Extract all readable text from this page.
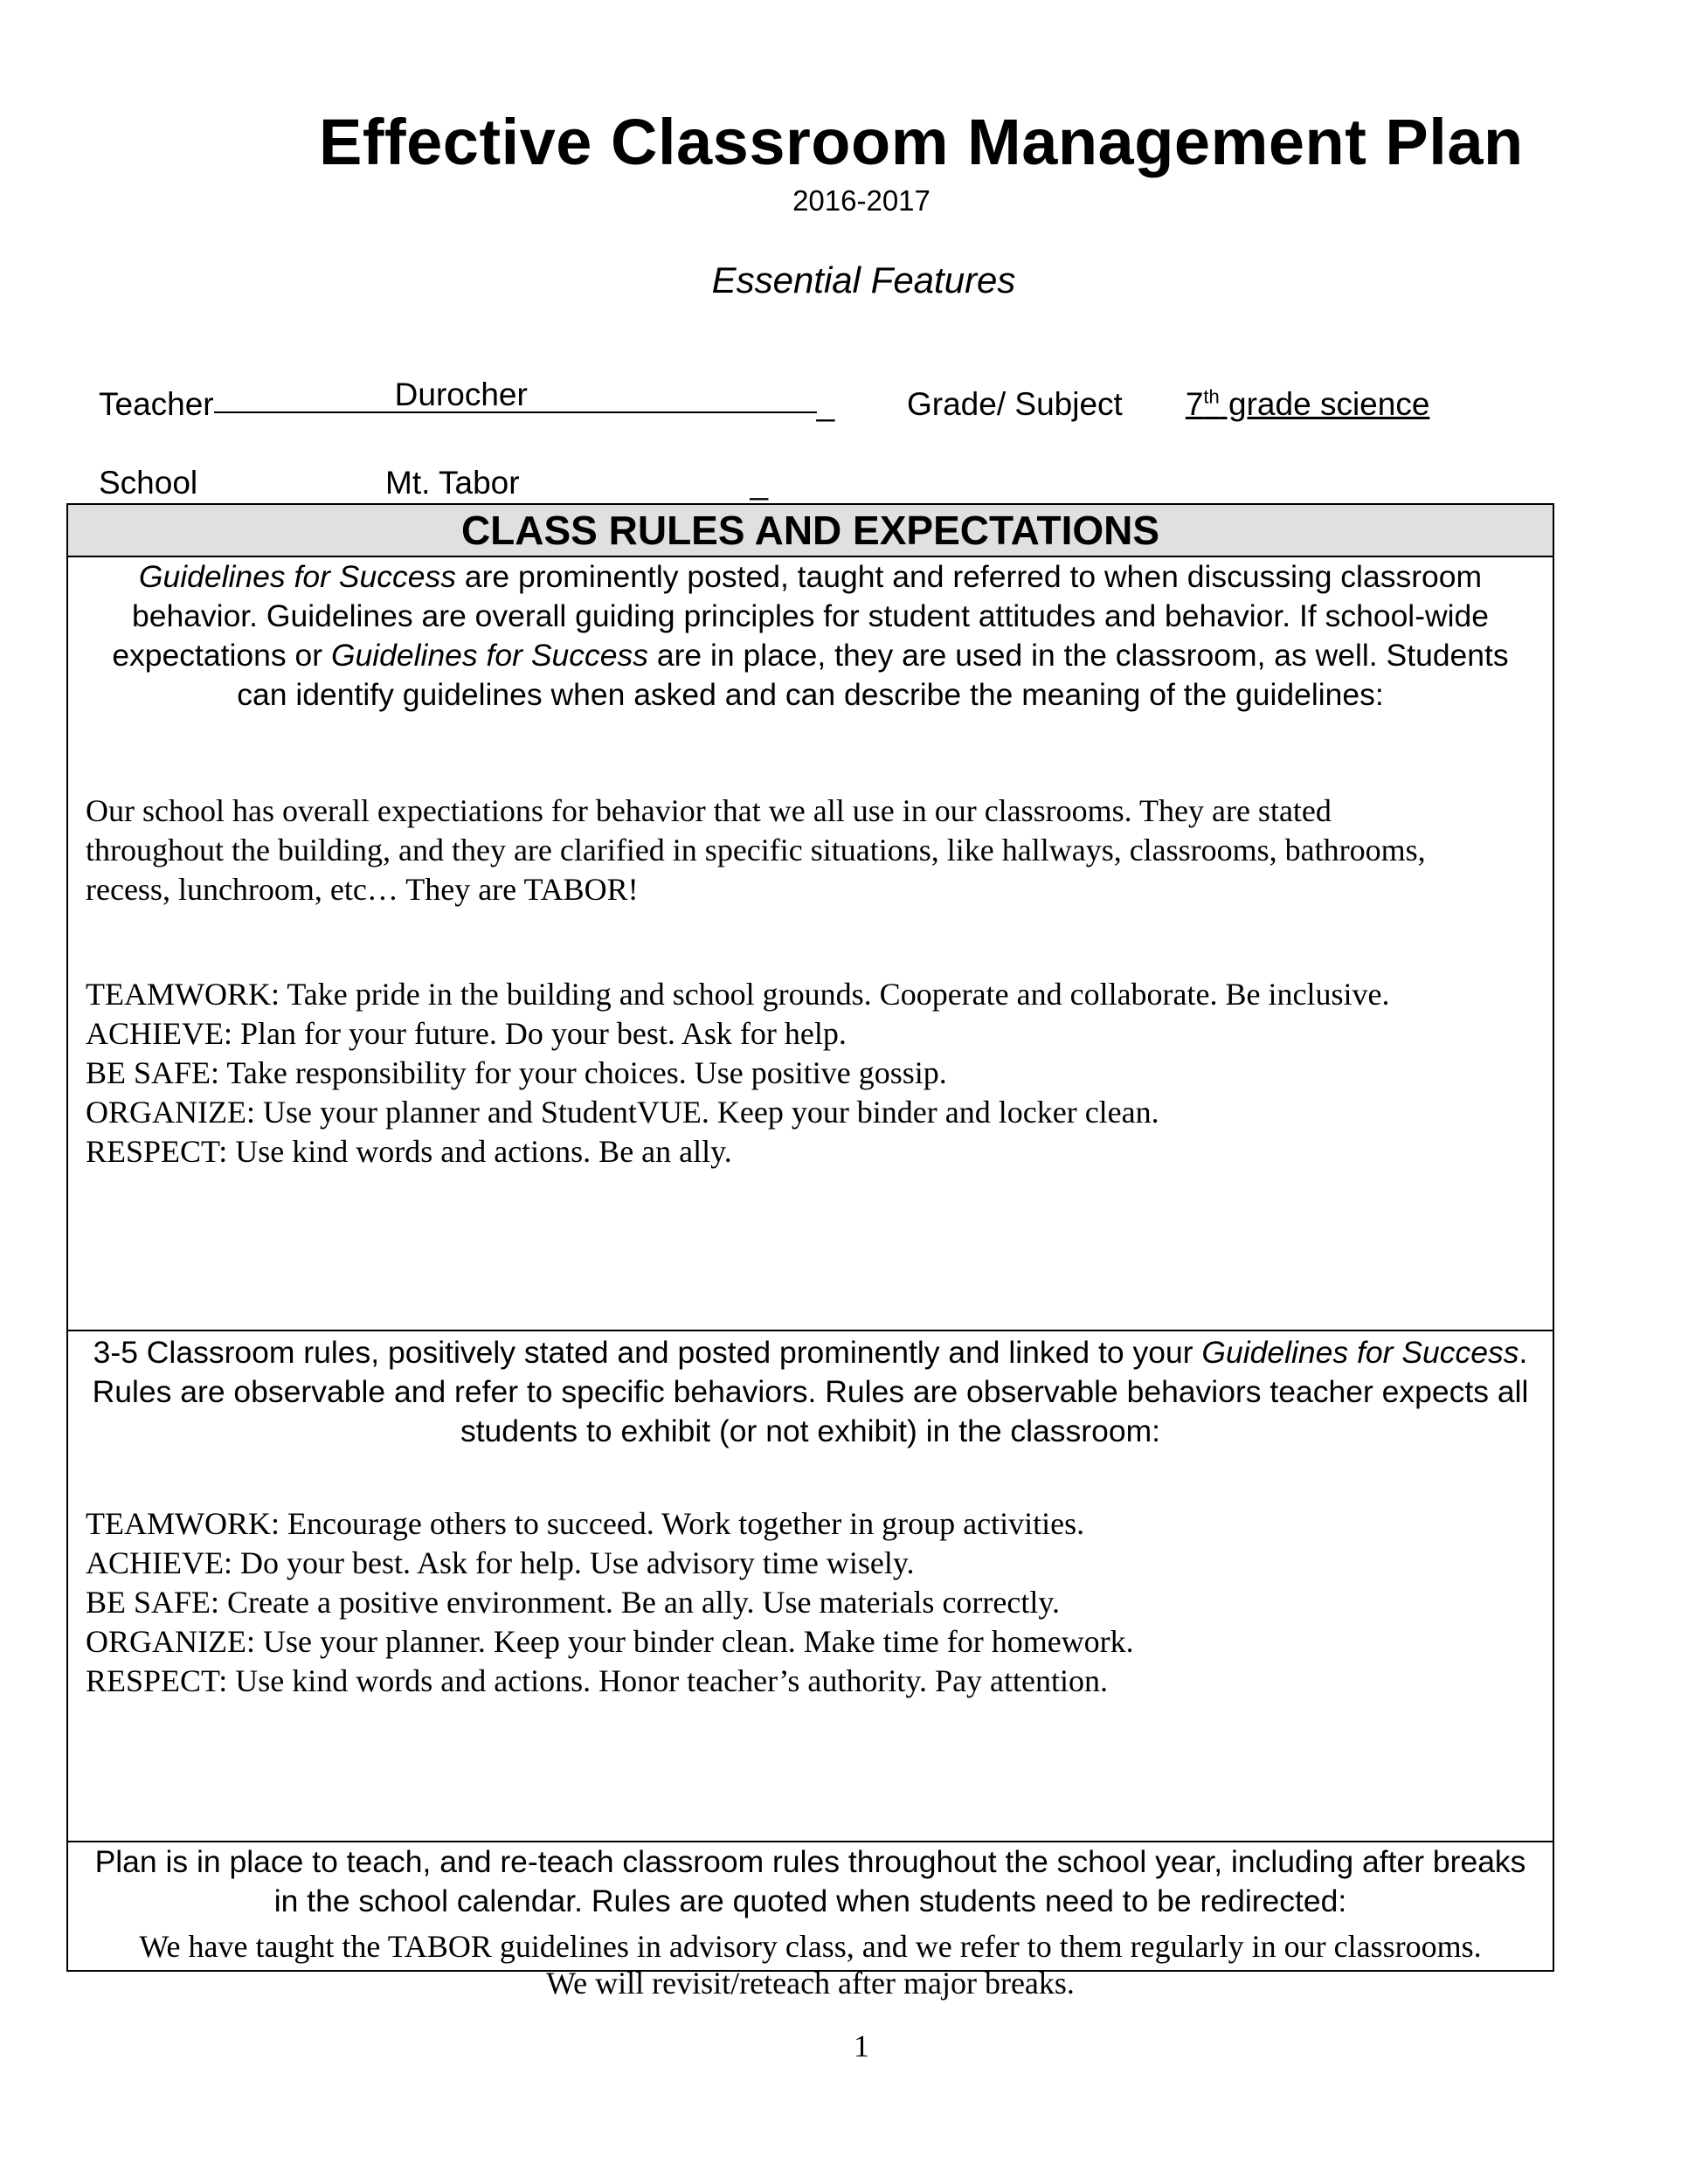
Effective Classroom Management Plan
2016-2017
Essential Features
Teacher	Durocher	_ Grade/ Subject 7th grade science
School	Mt. Tabor	_
CLASS RULES AND EXPECTATIONS
Guidelines for Success are prominently posted, taught and referred to when discussing classroom behavior. Guidelines are overall guiding principles for student attitudes and behavior. If school-wide expectations or Guidelines for Success are in place, they are used in the classroom, as well. Students can identify guidelines when asked and can describe the meaning of the guidelines:
Our school has overall expectiations for behavior that we all use in our classrooms. They are stated
throughout the building, and they are clarified in specific situations, like hallways, classrooms, bathrooms,
recess, lunchroom, etc… They are TABOR!
TEAMWORK: Take pride in the building and school grounds. Cooperate and collaborate. Be inclusive.
ACHIEVE: Plan for your future. Do your best. Ask for help.
BE SAFE: Take responsibility for your choices. Use positive gossip.
ORGANIZE: Use your planner and StudentVUE. Keep your binder and locker clean.
RESPECT: Use kind words and actions. Be an ally.
3-5 Classroom rules, positively stated and posted prominently and linked to your Guidelines for Success. Rules are observable and refer to specific behaviors. Rules are observable behaviors teacher expects all students to exhibit (or not exhibit) in the classroom:
TEAMWORK: Encourage others to succeed. Work together in group activities.
ACHIEVE: Do your best. Ask for help. Use advisory time wisely.
BE SAFE: Create a positive environment. Be an ally. Use materials correctly.
ORGANIZE: Use your planner. Keep your binder clean. Make time for homework.
RESPECT: Use kind words and actions. Honor teacher’s authority. Pay attention.
Plan is in place to teach, and re-teach classroom rules throughout the school year, including after breaks in the school calendar. Rules are quoted when students need to be redirected:
We have taught the TABOR guidelines in advisory class, and we refer to them regularly in our classrooms.
We will revisit/reteach after major breaks.
1
